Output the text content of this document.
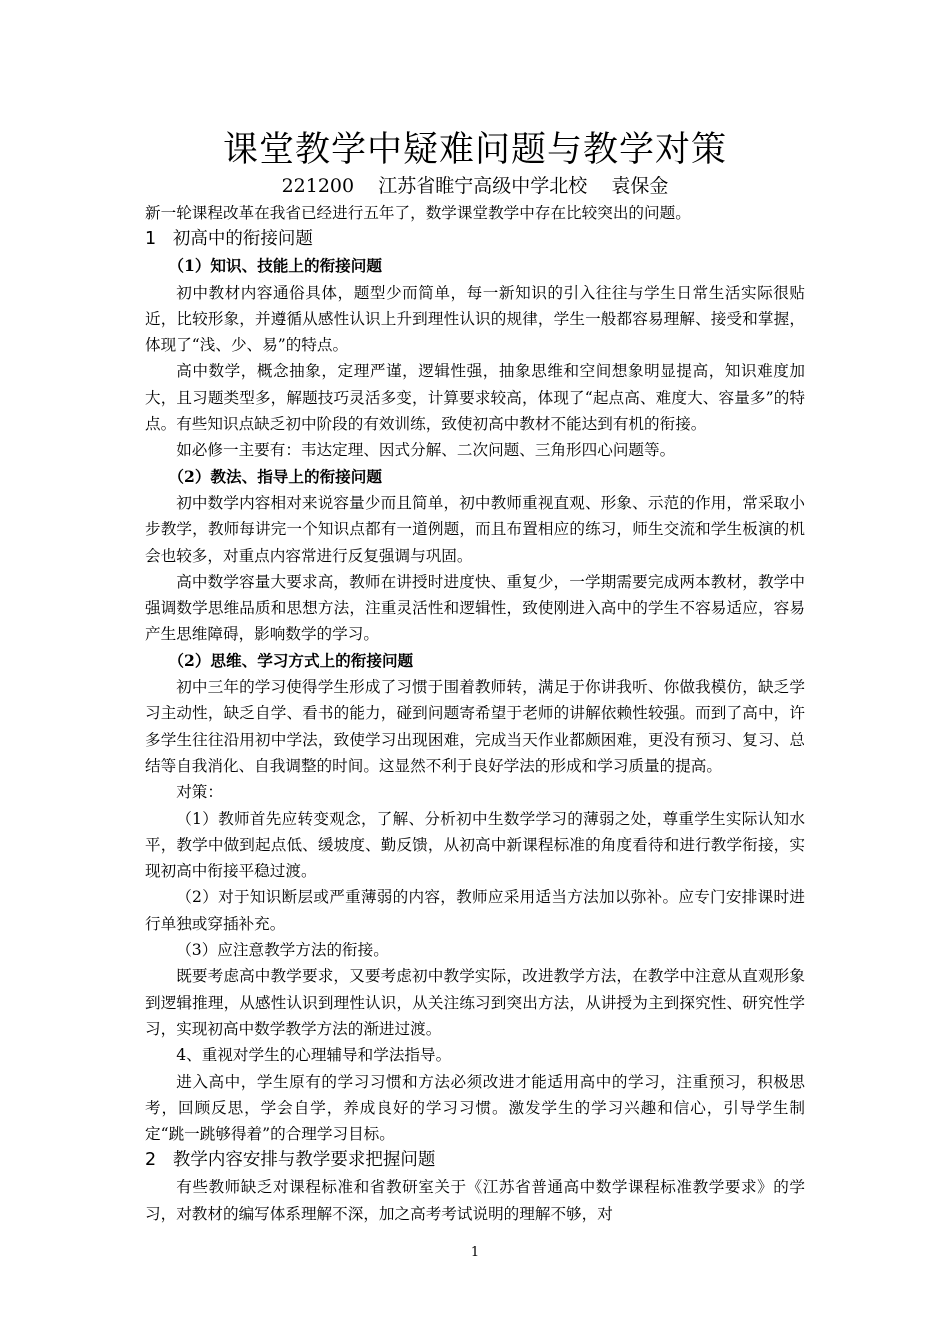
课堂教学中疑难问题与教学对策
221200    江苏省睢宁高级中学北校    袁保金

新一轮课程改革在我省已经进行五年了，数学课堂教学中存在比较突出的问题。

1   初高中的衔接问题

（1）知识、技能上的衔接问题

初中教材内容通俗具体，题型少而简单，每一新知识的引入往往与学生日常生活实际很贴近，比较形象，并遵循从感性认识上升到理性认识的规律，学生一般都容易理解、接受和掌握，体现了“浅、少、易”的特点。

高中数学，概念抽象，定理严谨，逻辑性强，抽象思维和空间想象明显提高，知识难度加大，且习题类型多，解题技巧灵活多变，计算要求较高，体现了“起点高、难度大、容量多”的特点。有些知识点缺乏初中阶段的有效训练，致使初高中教材不能达到有机的衔接。

如必修一主要有：韦达定理、因式分解、二次问题、三角形四心问题等。

（2）教法、指导上的衔接问题

初中数学内容相对来说容量少而且简单，初中教师重视直观、形象、示范的作用，常采取小步教学，教师每讲完一个知识点都有一道例题，而且布置相应的练习，师生交流和学生板演的机会也较多，对重点内容常进行反复强调与巩固。

高中数学容量大要求高，教师在讲授时进度快、重复少，一学期需要完成两本教材，教学中强调数学思维品质和思想方法，注重灵活性和逻辑性，致使刚进入高中的学生不容易适应，容易产生思维障碍，影响数学的学习。

（2）思维、学习方式上的衔接问题

初中三年的学习使得学生形成了习惯于围着教师转，满足于你讲我听、你做我模仿，缺乏学习主动性，缺乏自学、看书的能力，碰到问题寄希望于老师的讲解依赖性较强。而到了高中，许多学生往往沿用初中学法，致使学习出现困难，完成当天作业都颇困难，更没有预习、复习、总结等自我消化、自我调整的时间。这显然不利于良好学法的形成和学习质量的提高。

对策：

（1）教师首先应转变观念，了解、分析初中生数学学习的薄弱之处，尊重学生实际认知水平，教学中做到起点低、缓坡度、勤反馈，从初高中新课程标准的角度看待和进行教学衔接，实现初高中衔接平稳过渡。

（2）对于知识断层或严重薄弱的内容，教师应采用适当方法加以弥补。应专门安排课时进行单独或穿插补充。

（3）应注意教学方法的衔接。

既要考虑高中教学要求，又要考虑初中教学实际，改进教学方法，在教学中注意从直观形象到逻辑推理，从感性认识到理性认识，从关注练习到突出方法，从讲授为主到探究性、研究性学习，实现初高中数学教学方法的渐进过渡。

4、重视对学生的心理辅导和学法指导。

进入高中，学生原有的学习习惯和方法必须改进才能适用高中的学习，注重预习，积极思考，回顾反思，学会自学，养成良好的学习习惯。激发学生的学习兴趣和信心，引导学生制定“跳一跳够得着”的合理学习目标。

2   教学内容安排与教学要求把握问题

有些教师缺乏对课程标准和省教研室关于《江苏省普通高中数学课程标准教学要求》的学习，对教材的编写体系理解不深，加之高考考试说明的理解不够，对

1
